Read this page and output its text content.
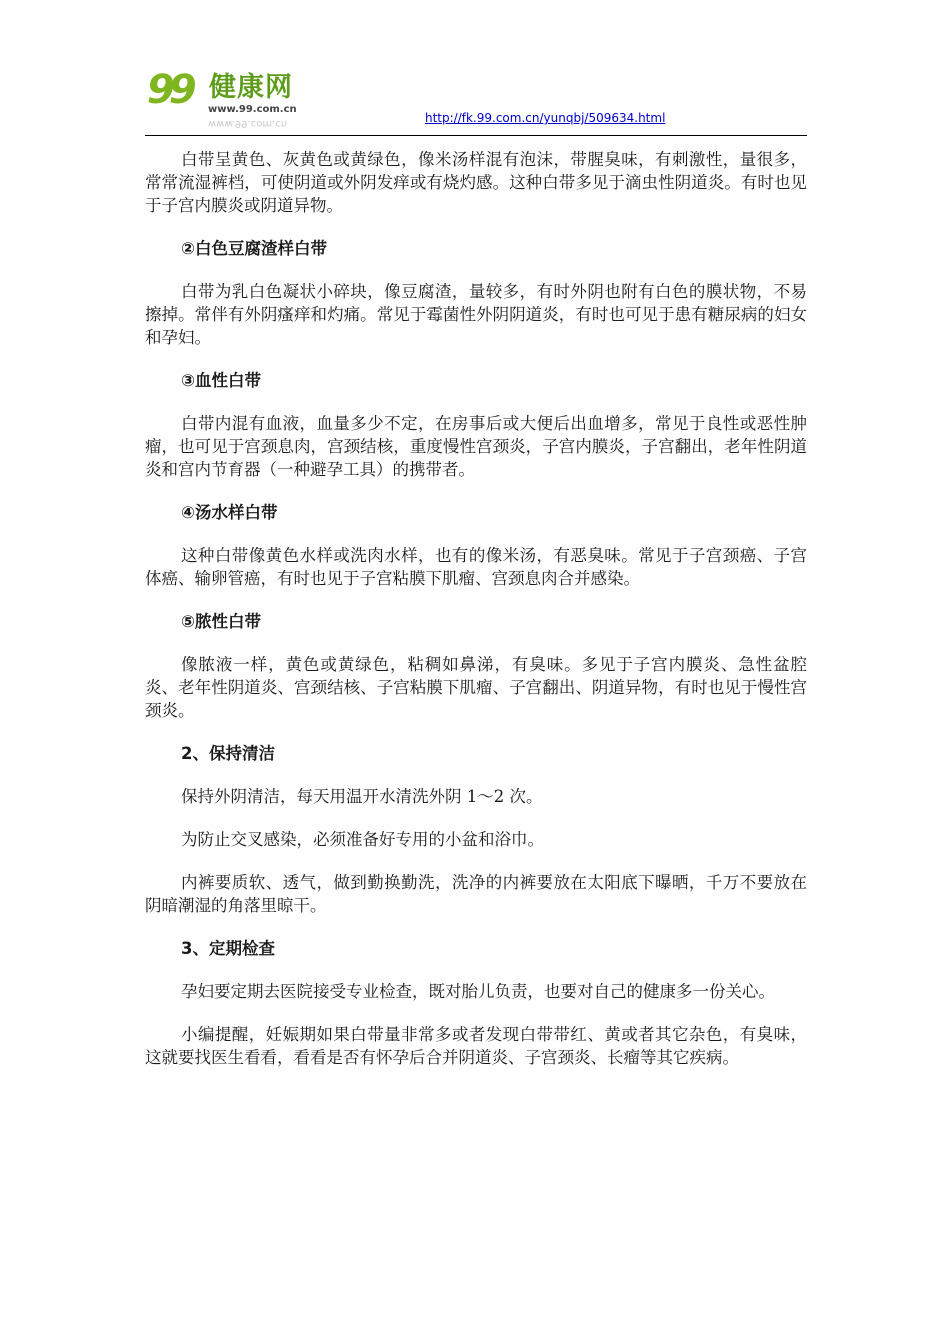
99 健康网
www.99.com.cn
www.99.com.cn	http://fk.99.com.cn/yunqbj/509634.html

白带呈黄色、灰黄色或黄绿色，像米汤样混有泡沫，带腥臭味，有刺激性，量很多，常常流湿裤档，可使阴道或外阴发痒或有烧灼感。这种白带多见于滴虫性阴道炎。有时也见于子宫内膜炎或阴道异物。

②白色豆腐渣样白带

白带为乳白色凝状小碎块，像豆腐渣，量较多，有时外阴也附有白色的膜状物，不易擦掉。常伴有外阴瘙痒和灼痛。常见于霉菌性外阴阴道炎，有时也可见于患有糖尿病的妇女和孕妇。

③血性白带

白带内混有血液，血量多少不定，在房事后或大便后出血增多，常见于良性或恶性肿瘤，也可见于宫颈息肉，宫颈结核，重度慢性宫颈炎，子宫内膜炎，子宫翻出，老年性阴道炎和宫内节育器（一种避孕工具）的携带者。

④汤水样白带

这种白带像黄色水样或洗肉水样，也有的像米汤，有恶臭味。常见于子宫颈癌、子宫体癌、输卵管癌，有时也见于子宫粘膜下肌瘤、宫颈息肉合并感染。

⑤脓性白带

像脓液一样，黄色或黄绿色，粘稠如鼻涕，有臭味。多见于子宫内膜炎、急性盆腔炎、老年性阴道炎、宫颈结核、子宫粘膜下肌瘤、子宫翻出、阴道异物，有时也见于慢性宫颈炎。

2、保持清洁

保持外阴清洁，每天用温开水清洗外阴 1～2 次。

为防止交叉感染，必须准备好专用的小盆和浴巾。

内裤要质软、透气，做到勤换勤洗，洗净的内裤要放在太阳底下曝晒，千万不要放在阴暗潮湿的角落里晾干。

3、定期检查

孕妇要定期去医院接受专业检查，既对胎儿负责，也要对自己的健康多一份关心。

小编提醒，妊娠期如果白带量非常多或者发现白带带红、黄或者其它杂色，有臭味，这就要找医生看看，看看是否有怀孕后合并阴道炎、子宫颈炎、长瘤等其它疾病。
